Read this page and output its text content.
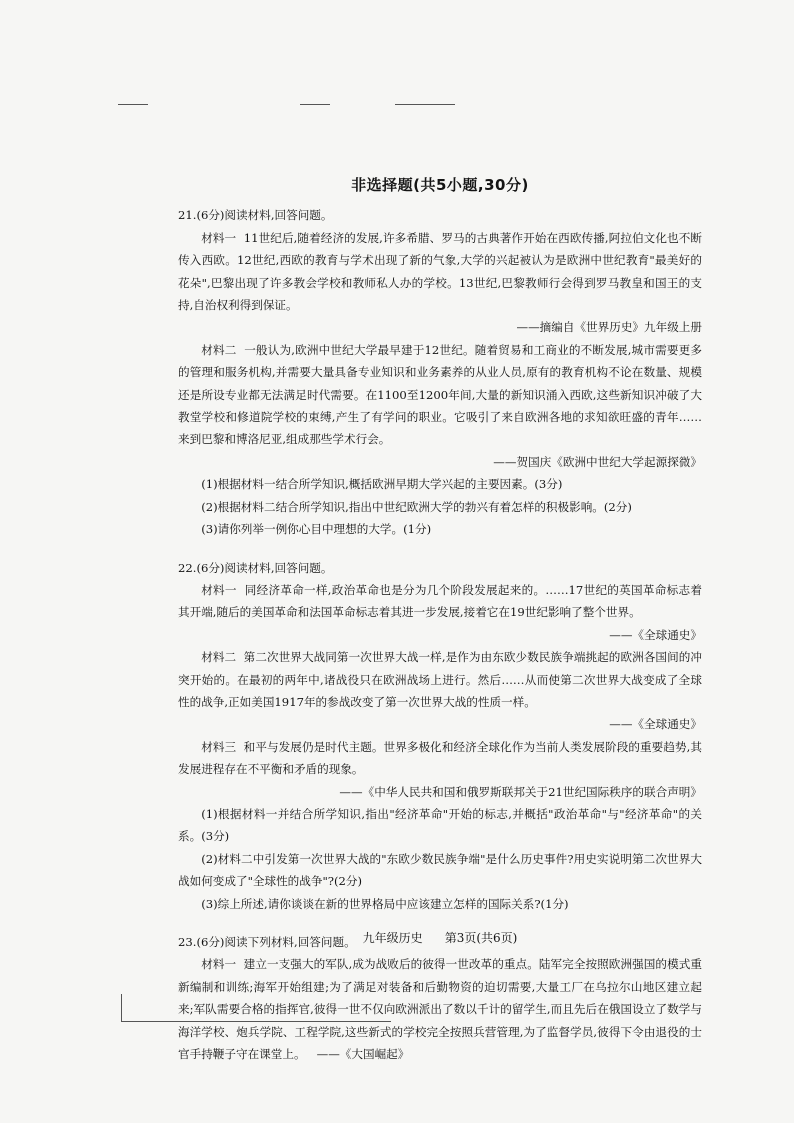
非选择题(共5小题,30分)

21.(6分)阅读材料,回答问题。

材料一 11世纪后,随着经济的发展,许多希腊、罗马的古典著作开始在西欧传播,阿拉伯文化也不断传入西欧。12世纪,西欧的教育与学术出现了新的气象,大学的兴起被认为是欧洲中世纪教育"最美好的花朵",巴黎出现了许多教会学校和教师私人办的学校。13世纪,巴黎教师行会得到罗马教皇和国王的支持,自治权利得到保证。

——摘编自《世界历史》九年级上册

材料二 一般认为,欧洲中世纪大学最早建于12世纪。随着贸易和工商业的不断发展,城市需要更多的管理和服务机构,并需要大量具备专业知识和业务素养的从业人员,原有的教育机构不论在数量、规模还是所设专业都无法满足时代需要。在1100至1200年间,大量的新知识涌入西欧,这些新知识冲破了大教堂学校和修道院学校的束缚,产生了有学问的职业。它吸引了来自欧洲各地的求知欲旺盛的青年……来到巴黎和博洛尼亚,组成那些学术行会。

——贺国庆《欧洲中世纪大学起源探微》

(1)根据材料一结合所学知识,概括欧洲早期大学兴起的主要因素。(3分)

(2)根据材料二结合所学知识,指出中世纪欧洲大学的勃兴有着怎样的积极影响。(2分)

(3)请你列举一例你心目中理想的大学。(1分)

22.(6分)阅读材料,回答问题。

材料一 同经济革命一样,政治革命也是分为几个阶段发展起来的。……17世纪的英国革命标志着其开端,随后的美国革命和法国革命标志着其进一步发展,接着它在19世纪影响了整个世界。

——《全球通史》

材料二 第二次世界大战同第一次世界大战一样,是作为由东欧少数民族争端挑起的欧洲各国间的冲突开始的。在最初的两年中,诸战役只在欧洲战场上进行。然后……从而使第二次世界大战变成了全球性的战争,正如美国1917年的参战改变了第一次世界大战的性质一样。

——《全球通史》

材料三 和平与发展仍是时代主题。世界多极化和经济全球化作为当前人类发展阶段的重要趋势,其发展进程存在不平衡和矛盾的现象。

——《中华人民共和国和俄罗斯联邦关于21世纪国际秩序的联合声明》

(1)根据材料一并结合所学知识,指出"经济革命"开始的标志,并概括"政治革命"与"经济革命"的关系。(3分)

(2)材料二中引发第一次世界大战的"东欧少数民族争端"是什么历史事件?用史实说明第二次世界大战如何变成了"全球性的战争"?(2分)

(3)综上所述,请你谈谈在新的世界格局中应该建立怎样的国际关系?(1分)

23.(6分)阅读下列材料,回答问题。

材料一 建立一支强大的军队,成为战败后的彼得一世改革的重点。陆军完全按照欧洲强国的模式重新编制和训练;海军开始组建;为了满足对装备和后勤物资的迫切需要,大量工厂在乌拉尔山地区建立起来;军队需要合格的指挥官,彼得一世不仅向欧洲派出了数以千计的留学生,而且先后在俄国设立了数学与海洋学校、炮兵学院、工程学院,这些新式的学校完全按照兵营管理,为了监督学员,彼得下令由退役的士官手持鞭子守在课堂上。 ——《大国崛起》

九年级历史 第3页(共6页)
